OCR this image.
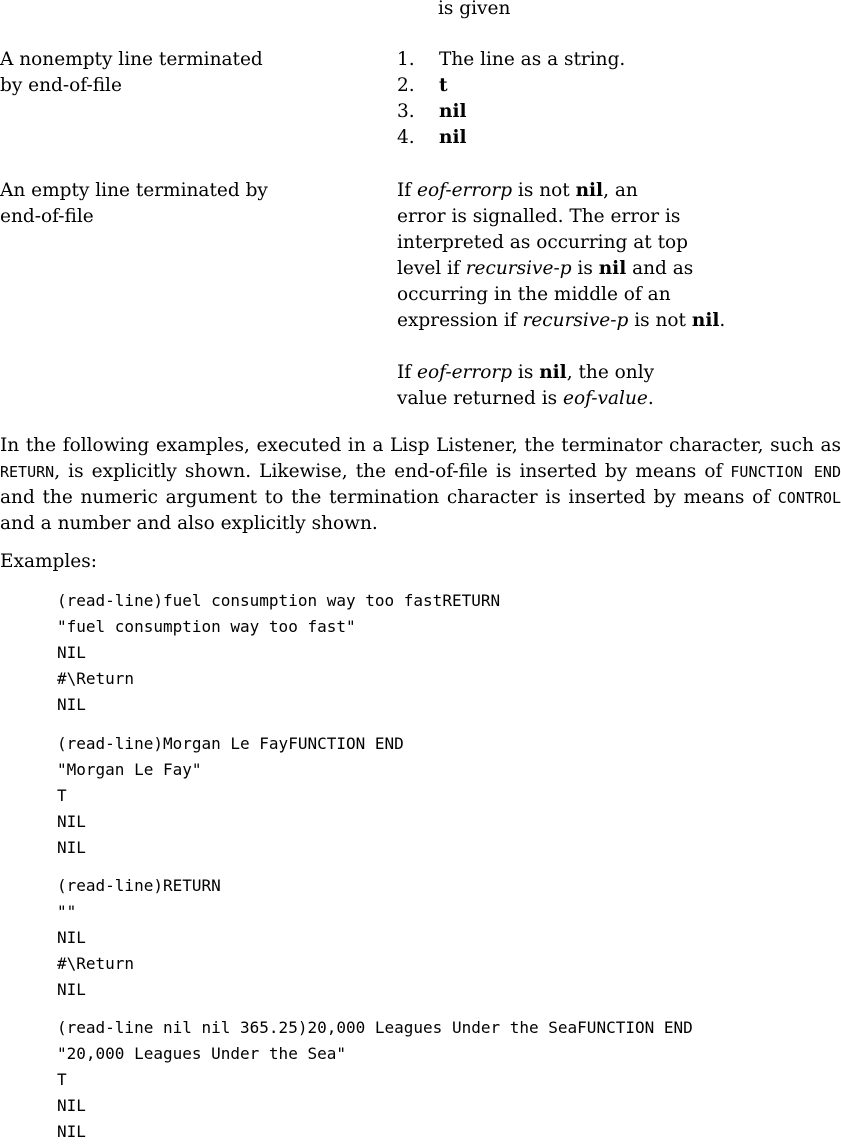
is given
A nonempty line terminated
by end-of-file
1. The line as a string.
2. t
3. nil
4. nil
An empty line terminated by
end-of-file
If eof-errorp is not nil, an
error is signalled. The error is
interpreted as occurring at top
level if recursive-p is nil and as
occurring in the middle of an
expression if recursive-p is not nil.
If eof-errorp is nil, the only
value returned is eof-value.
In the following examples, executed in a Lisp Listener, the terminator character, such as RETURN, is explicitly shown. Likewise, the end-of-file is inserted by means of FUNCTION END and the numeric argument to the termination character is inserted by means of CONTROL and a number and also explicitly shown.
Examples:
(read-line)fuel consumption way too fastRETURN
"fuel consumption way too fast"
NIL
#\Return
NIL
(read-line)Morgan Le FayFUNCTION END
"Morgan Le Fay"
T
NIL
NIL
(read-line)RETURN
""
NIL
#\Return
NIL
(read-line nil nil 365.25)20,000 Leagues Under the SeaFUNCTION END
"20,000 Leagues Under the Sea"
T
NIL
NIL
